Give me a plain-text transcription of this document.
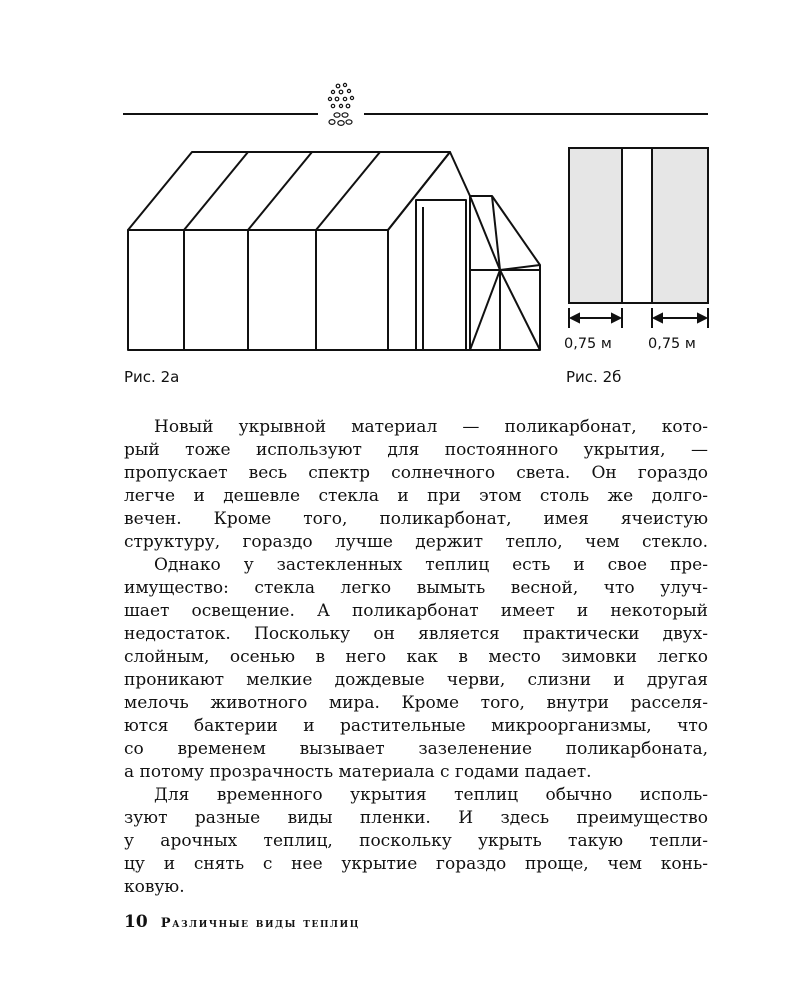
0,75 м 0,75 м
Рис. 2а	Рис. 2б
Новый укрывной материал — поликарбонат, кото-
рый тоже используют для постоянного укрытия, —
пропускает весь спектр солнечного света. Он гораздо
легче и дешевле стекла и при этом столь же долго-
вечен. Кроме того, поликарбонат, имея ячеистую
структуру, гораздо лучше держит тепло, чем стекло.
Однако у застекленных теплиц есть и свое пре-
имущество: стекла легко вымыть весной, что улуч-
шает освещение. А поликарбонат имеет и некоторый
недостаток. Поскольку он является практически двух-
слойным, осенью в него как в место зимовки легко
проникают мелкие дождевые черви, слизни и другая
мелочь животного мира. Кроме того, внутри расселя-
ются бактерии и растительные микроорганизмы, что
со временем вызывает зазеленение поликарбоната,
а потому прозрачность материала с годами падает.
Для временного укрытия теплиц обычно исполь-
зуют разные виды пленки. И здесь преимущество
у арочных теплиц, поскольку укрыть такую тепли-
цу и снять с нее укрытие гораздо проще, чем конь-
ковую.
10 Различные виды теплиц
